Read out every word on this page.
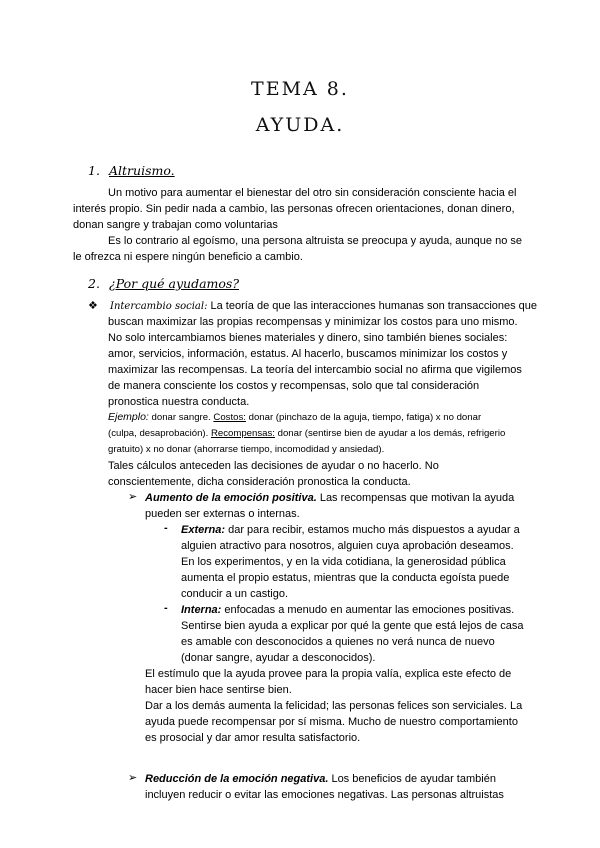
TEMA 8.
AYUDA.
1. Altruismo.
Un motivo para aumentar el bienestar del otro sin consideración consciente hacia el
interés propio. Sin pedir nada a cambio, las personas ofrecen orientaciones, donan dinero,
donan sangre y trabajan como voluntarias
Es lo contrario al egoísmo, una persona altruista se preocupa y ayuda, aunque no se
le ofrezca ni espere ningún beneficio a cambio.
2. ¿Por qué ayudamos?
❖ Intercambio social: La teoría de que las interacciones humanas son transacciones que
buscan maximizar las propias recompensas y minimizar los costos para uno mismo.
No solo intercambiamos bienes materiales y dinero, sino también bienes sociales:
amor, servicios, información, estatus. Al hacerlo, buscamos minimizar los costos y
maximizar las recompensas. La teoría del intercambio social no afirma que vigilemos
de manera consciente los costos y recompensas, solo que tal consideración
pronostica nuestra conducta.
Ejemplo: donar sangre. Costos: donar (pinchazo de la aguja, tiempo, fatiga) x no donar
(culpa, desaprobación). Recompensas: donar (sentirse bien de ayudar a los demás, refrigerio
gratuito) x no donar (ahorrarse tiempo, incomodidad y ansiedad).
Tales cálculos anteceden las decisiones de ayudar o no hacerlo. No
conscientemente, dicha consideración pronostica la conducta.
➢ Aumento de la emoción positiva. Las recompensas que motivan la ayuda
pueden ser externas o internas.
- Externa: dar para recibir, estamos mucho más dispuestos a ayudar a
alguien atractivo para nosotros, alguien cuya aprobación deseamos.
En los experimentos, y en la vida cotidiana, la generosidad pública
aumenta el propio estatus, mientras que la conducta egoísta puede
conducir a un castigo.
- Interna: enfocadas a menudo en aumentar las emociones positivas.
Sentirse bien ayuda a explicar por qué la gente que está lejos de casa
es amable con desconocidos a quienes no verá nunca de nuevo
(donar sangre, ayudar a desconocidos).
El estímulo que la ayuda provee para la propia valía, explica este efecto de
hacer bien hace sentirse bien.
Dar a los demás aumenta la felicidad; las personas felices son serviciales. La
ayuda puede recompensar por sí misma. Mucho de nuestro comportamiento
es prosocial y dar amor resulta satisfactorio.
➢ Reducción de la emoción negativa. Los beneficios de ayudar también
incluyen reducir o evitar las emociones negativas. Las personas altruistas
